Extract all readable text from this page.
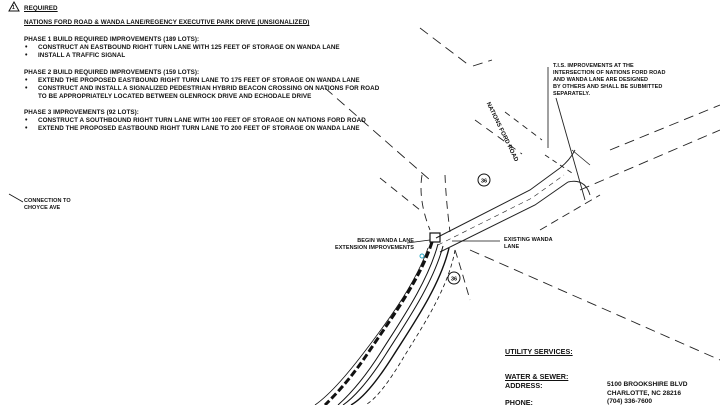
36
36
1 REQUIRED
NATIONS FORD ROAD & WANDA LANE/REGENCY EXECUTIVE PARK DRIVE (UNSIGNALIZED)
PHASE 1 BUILD REQUIRED IMPROVEMENTS (189 LOTS):
• CONSTRUCT AN EASTBOUND RIGHT TURN LANE WITH 125 FEET OF STORAGE ON WANDA LANE
• INSTALL A TRAFFIC SIGNAL
PHASE 2 BUILD REQUIRED IMPROVEMENTS (159 LOTS):
• EXTEND THE PROPOSED EASTBOUND RIGHT TURN LANE TO 175 FEET OF STORAGE ON WANDA LANE
• CONSTRUCT AND INSTALL A SIGNALIZED PEDESTRIAN HYBRID BEACON CROSSING ON NATIONS FOR ROAD
TO BE APPROPRIATELY LOCATED BETWEEN GLENROCK DRIVE AND ECHODALE DRIVE
PHASE 3 IMPROVEMENTS (92 LOTS):
• CONSTRUCT A SOUTHBOUND RIGHT TURN LANE WITH 100 FEET OF STORAGE ON NATIONS FORD ROAD
• EXTEND THE PROPOSED EASTBOUND RIGHT TURN LANE TO 200 FEET OF STORAGE ON WANDA LANE
CONNECTION TO
CHOYCE AVE
T.I.S. IMPROVEMENTS AT THE
INTERSECTION OF NATIONS FORD ROAD
AND WANDA LANE ARE DESIGNED
BY OTHERS AND SHALL BE SUBMITTED
SEPARATELY.
NATIONS FORD ROAD
BEGIN WANDA LANE
EXTENSION IMPROVEMENTS
EXISTING WANDA
LANE
UTILITY SERVICES:
WATER & SEWER:
ADDRESS:
PHONE:
5100 BROOKSHIRE BLVD
CHARLOTTE, NC 28216
(704) 336-7600
